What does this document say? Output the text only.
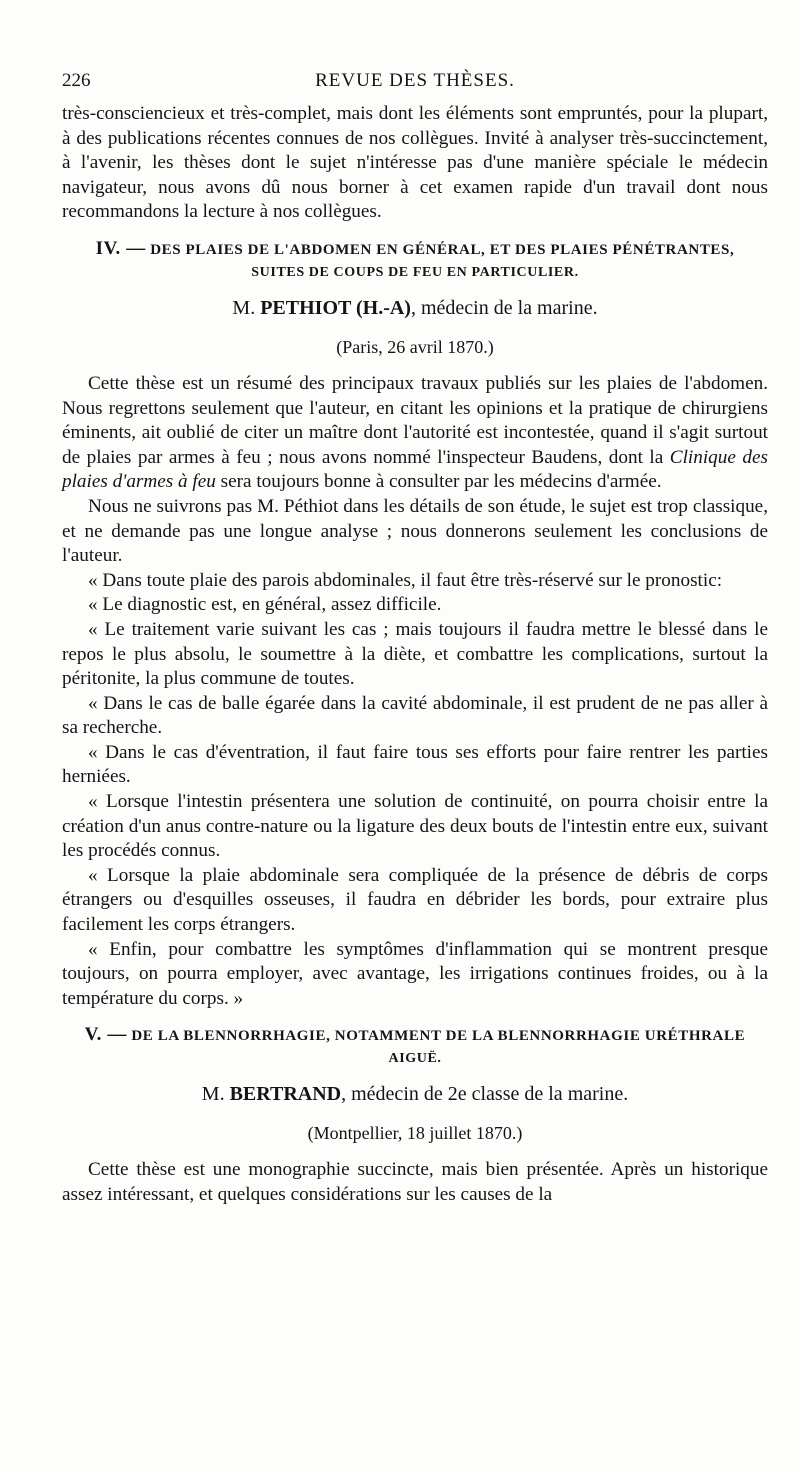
226	REVUE DES THÈSES.

très-consciencieux et très-complet, mais dont les éléments sont empruntés, pour la plupart, à des publications récentes connues de nos collègues. Invité à analyser très-succinctement, à l'avenir, les thèses dont le sujet n'intéresse pas d'une manière spéciale le médecin navigateur, nous avons dû nous borner à cet examen rapide d'un travail dont nous recommandons la lecture à nos collègues.

IV. — DES PLAIES DE L'ABDOMEN EN GÉNÉRAL, ET DES PLAIES PÉNÉTRANTES,
SUITES DE COUPS DE FEU EN PARTICULIER.
M. PETHIOT (H.-A), médecin de la marine.
(Paris, 26 avril 1870.)

Cette thèse est un résumé des principaux travaux publiés sur les plaies de l'abdomen. Nous regrettons seulement que l'auteur, en citant les opinions et la pratique de chirurgiens éminents, ait oublié de citer un maître dont l'autorité est incontestée, quand il s'agit surtout de plaies par armes à feu ; nous avons nommé l'inspecteur Baudens, dont la Clinique des plaies d'armes à feu sera toujours bonne à consulter par les médecins d'armée.

Nous ne suivrons pas M. Péthiot dans les détails de son étude, le sujet est trop classique, et ne demande pas une longue analyse ; nous donnerons seulement les conclusions de l'auteur.

« Dans toute plaie des parois abdominales, il faut être très-réservé sur le pronostic:

« Le diagnostic est, en général, assez difficile.

« Le traitement varie suivant les cas ; mais toujours il faudra mettre le blessé dans le repos le plus absolu, le soumettre à la diète, et combattre les complications, surtout la péritonite, la plus commune de toutes.

« Dans le cas de balle égarée dans la cavité abdominale, il est prudent de ne pas aller à sa recherche.

« Dans le cas d'éventration, il faut faire tous ses efforts pour faire rentrer les parties herniées.

« Lorsque l'intestin présentera une solution de continuité, on pourra choisir entre la création d'un anus contre-nature ou la ligature des deux bouts de l'intestin entre eux, suivant les procédés connus.

« Lorsque la plaie abdominale sera compliquée de la présence de débris de corps étrangers ou d'esquilles osseuses, il faudra en débrider les bords, pour extraire plus facilement les corps étrangers.

« Enfin, pour combattre les symptômes d'inflammation qui se montrent presque toujours, on pourra employer, avec avantage, les irrigations continues froides, ou à la température du corps. »

V. — DE LA BLENNORRHAGIE, NOTAMMENT DE LA BLENNORRHAGIE URÉTHRALE
AIGUË.
M. BERTRAND, médecin de 2e classe de la marine.
(Montpellier, 18 juillet 1870.)

Cette thèse est une monographie succincte, mais bien présentée. Après un historique assez intéressant, et quelques considérations sur les causes de la
